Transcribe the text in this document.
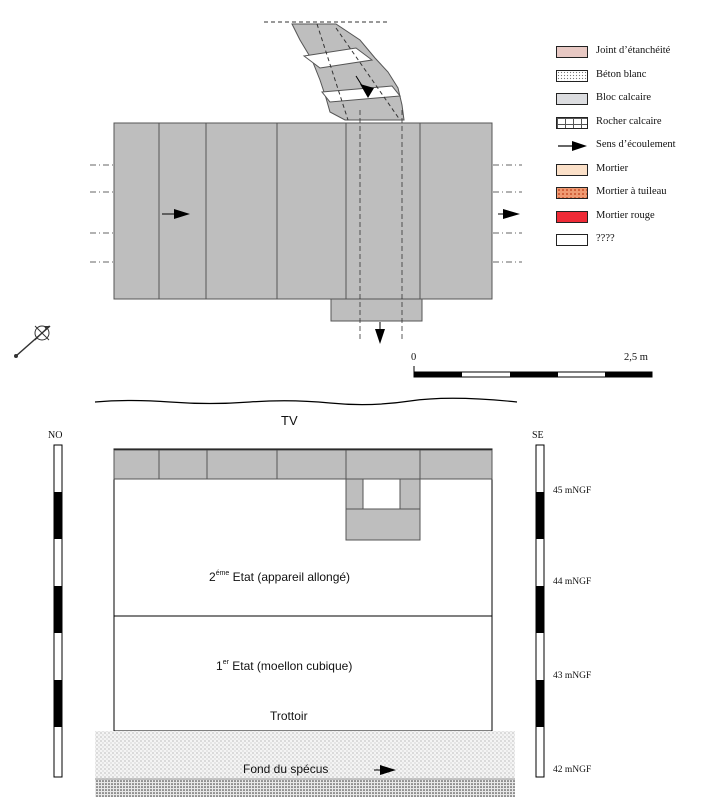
Joint d’étanchéité
Béton blanc
Bloc calcaire
Rocher calcaire
Sens d’écoulement
Mortier
Mortier à tuileau
Mortier rouge
????
0	2,5 m
TV
NO	SE
45 mNGF
44 mNGF
43 mNGF
42 mNGF
$2^{éme}$ Etat (appareil allongé)
1er Etat (moellon cubique)
Trottoir
Fond du spécus
